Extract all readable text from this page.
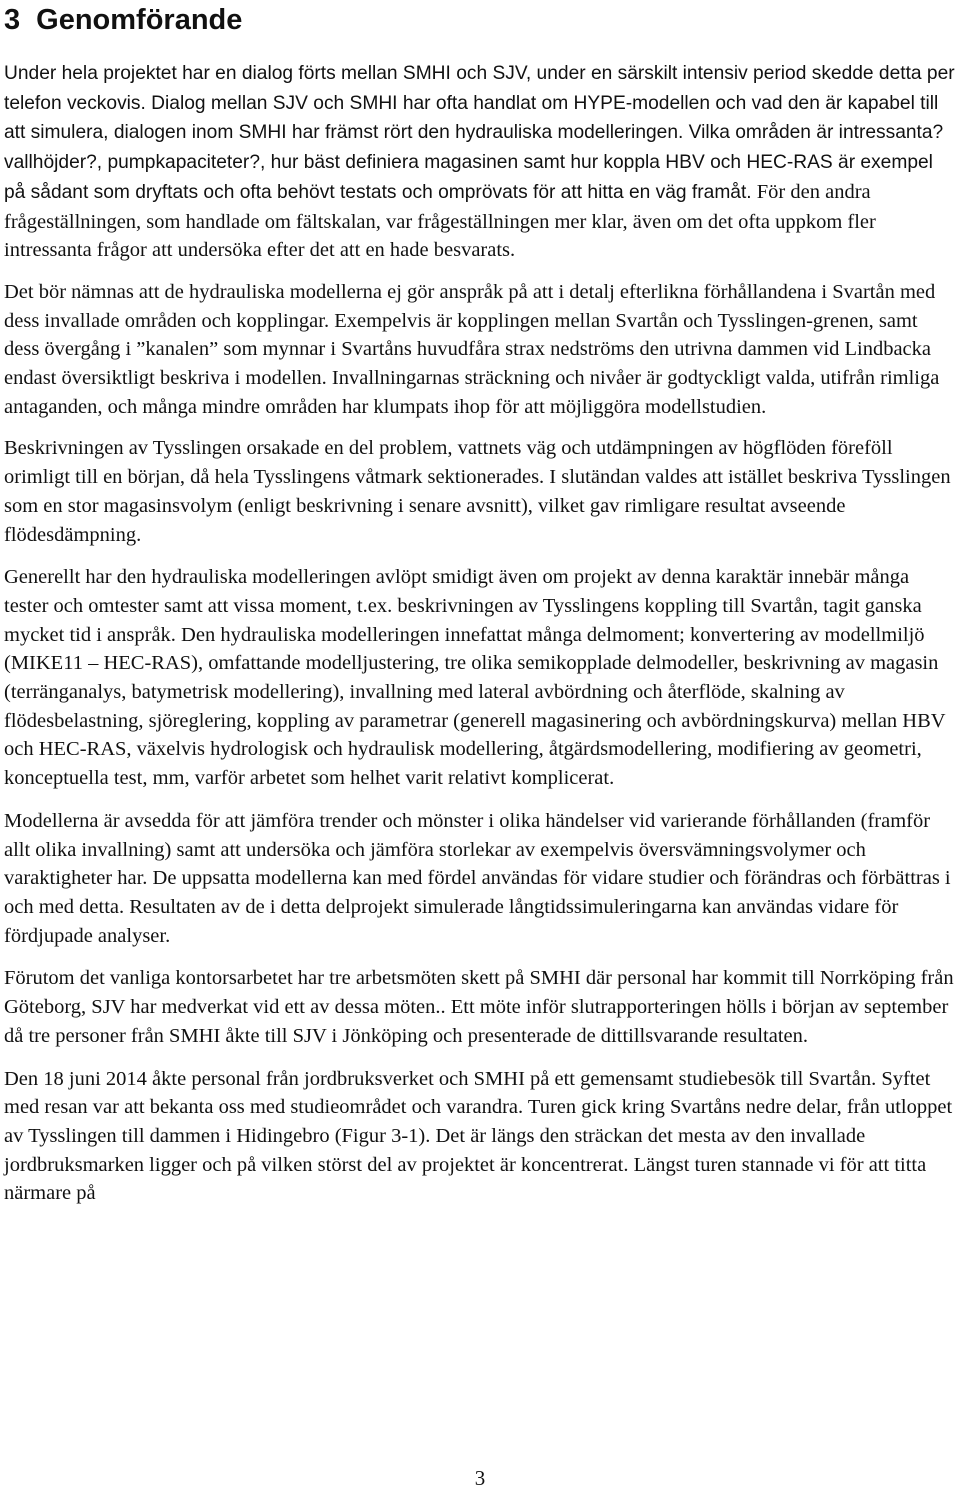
3 Genomförande

Under hela projektet har en dialog förts mellan SMHI och SJV, under en särskilt intensiv period skedde detta per telefon veckovis. Dialog mellan SJV och SMHI har ofta handlat om HYPE-modellen och vad den är kapabel till att simulera, dialogen inom SMHI har främst rört den hydrauliska modelleringen. Vilka områden är intressanta? vallhöjder?, pumpkapaciteter?, hur bäst definiera magasinen samt hur koppla HBV och HEC-RAS är exempel på sådant som dryftats och ofta behövt testats och omprövats för att hitta en väg framåt. För den andra frågeställningen, som handlade om fältskalan, var frågeställningen mer klar, även om det ofta uppkom fler intressanta frågor att undersöka efter det att en hade besvarats.

Det bör nämnas att de hydrauliska modellerna ej gör anspråk på att i detalj efterlikna förhållandena i Svartån med dess invallade områden och kopplingar. Exempelvis är kopplingen mellan Svartån och Tysslingen-grenen, samt dess övergång i ”kanalen” som mynnar i Svartåns huvudfåra strax nedströms den utrivna dammen vid Lindbacka endast översiktligt beskriva i modellen. Invallningarnas sträckning och nivåer är godtyckligt valda, utifrån rimliga antaganden, och många mindre områden har klumpats ihop för att möjliggöra modellstudien.

Beskrivningen av Tysslingen orsakade en del problem, vattnets väg och utdämpningen av högflöden föreföll orimligt till en början, då hela Tysslingens våtmark sektionerades. I slutändan valdes att istället beskriva Tysslingen som en stor magasinsvolym (enligt beskrivning i senare avsnitt), vilket gav rimligare resultat avseende flödesdämpning.

Generellt har den hydrauliska modelleringen avlöpt smidigt även om projekt av denna karaktär innebär många tester och omtester samt att vissa moment, t.ex. beskrivningen av Tysslingens koppling till Svartån, tagit ganska mycket tid i anspråk. Den hydrauliska modelleringen innefattat många delmoment; konvertering av modellmiljö (MIKE11 – HEC-RAS), omfattande modelljustering, tre olika semikopplade delmodeller, beskrivning av magasin (terränganalys, batymetrisk modellering), invallning med lateral avbördning och återflöde, skalning av flödesbelastning, sjöreglering, koppling av parametrar (generell magasinering och avbördningskurva) mellan HBV och HEC-RAS, växelvis hydrologisk och hydraulisk modellering, åtgärdsmodellering, modifiering av geometri, konceptuella test, mm, varför arbetet som helhet varit relativt komplicerat.

Modellerna är avsedda för att jämföra trender och mönster i olika händelser vid varierande förhållanden (framför allt olika invallning) samt att undersöka och jämföra storlekar av exempelvis översvämningsvolymer och varaktigheter har. De uppsatta modellerna kan med fördel användas för vidare studier och förändras och förbättras i och med detta. Resultaten av de i detta delprojekt simulerade långtidssimuleringarna kan användas vidare för fördjupade analyser.

Förutom det vanliga kontorsarbetet har tre arbetsmöten skett på SMHI där personal har kommit till Norrköping från Göteborg, SJV har medverkat vid ett av dessa möten.. Ett möte inför slutrapporteringen hölls i början av september då tre personer från SMHI åkte till SJV i Jönköping och presenterade de dittillsvarande resultaten.

Den 18 juni 2014 åkte personal från jordbruksverket och SMHI på ett gemensamt studiebesök till Svartån. Syftet med resan var att bekanta oss med studieområdet och varandra. Turen gick kring Svartåns nedre delar, från utloppet av Tysslingen till dammen i Hidingebro (Figur 3-1). Det är längs den sträckan det mesta av den invallade jordbruksmarken ligger och på vilken störst del av projektet är koncentrerat. Längst turen stannade vi för att titta närmare på

3
